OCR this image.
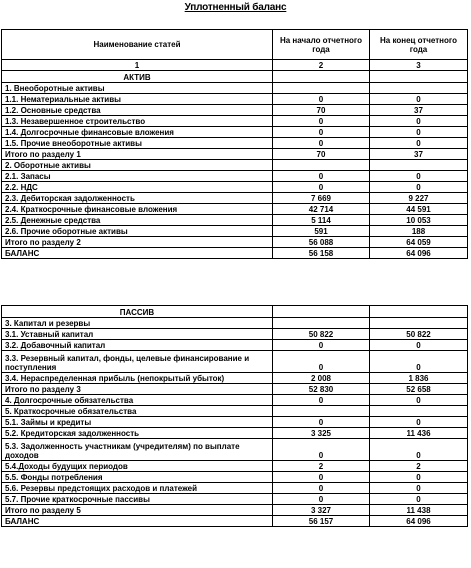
Уплотненный баланс
Наименование статей	На начало отчетного года	На конец отчетного года
1	2	3
АКТИВ		
1. Внеоборотные активы		
1.1. Нематериальные активы	0	0
1.2. Основные средства	70	37
1.3. Незавершенное строительство	0	0
1.4. Долгосрочные финансовые вложения	0	0
1.5. Прочие внеоборотные активы	0	0
Итого по разделу 1	70	37
2. Оборотные активы		
2.1. Запасы	0	0
2.2. НДС	0	0
2.3. Дебиторская задолженность	7 669	9 227
2.4. Краткосрочные финансовые вложения	42 714	44 591
2.5. Денежные средства	5 114	10 053
2.6. Прочие оборотные активы	591	188
Итого по разделу 2	56 088	64 059
БАЛАНС	56 158	64 096
ПАССИВ		
3. Капитал и резервы		
3.1. Уставный капитал	50 822	50 822
3.2. Добавочный капитал	0	0
3.3. Резервный капитал, фонды, целевые финансирование и поступления	0	0
3.4. Нераспределенная прибыль (непокрытый убыток)	2 008	1 836
Итого по разделу 3	52 830	52 658
4. Долгосрочные обязательства	0	0
5. Краткосрочные обязательства		
5.1. Займы и кредиты	0	0
5.2. Кредиторская задолженность	3 325	11 436
5.3. Задолженность участникам (учредителям) по выплате доходов	0	0
5.4.Доходы будущих периодов	2	2
5.5. Фонды потребления	0	0
5.6. Резервы предстоящих расходов и платежей	0	0
5.7. Прочие краткосрочные пассивы	0	0
Итого по разделу 5	3 327	11 438
БАЛАНС	56 157	64 096
